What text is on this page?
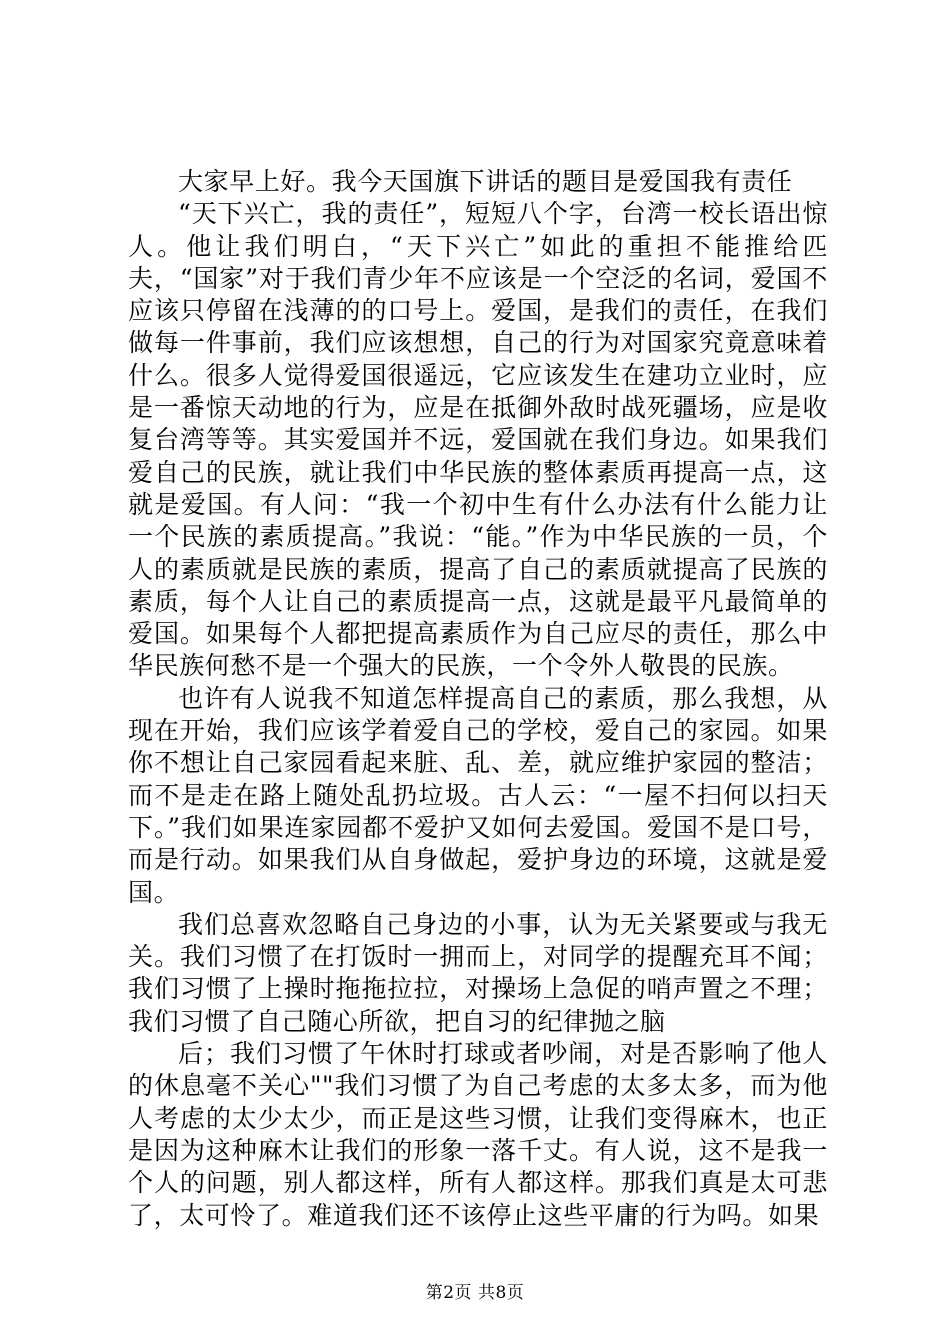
大家早上好。我今天国旗下讲话的题目是爱国我有责任

“天下兴亡，我的责任”，短短八个字，台湾一校长语出惊人。他让我们明白，“天下兴亡”如此的重担不能推给匹夫，“国家”对于我们青少年不应该是一个空泛的名词，爱国不应该只停留在浅薄的的口号上。爱国，是我们的责任，在我们做每一件事前，我们应该想想，自己的行为对国家究竟意味着什么。很多人觉得爱国很遥远，它应该发生在建功立业时，应是一番惊天动地的行为，应是在抵御外敌时战死疆场，应是收复台湾等等。其实爱国并不远，爱国就在我们身边。如果我们爱自己的民族，就让我们中华民族的整体素质再提高一点，这就是爱国。有人问：“我一个初中生有什么办法有什么能力让一个民族的素质提高。”我说：“能。”作为中华民族的一员，个人的素质就是民族的素质，提高了自己的素质就提高了民族的素质，每个人让自己的素质提高一点，这就是最平凡最简单的爱国。如果每个人都把提高素质作为自己应尽的责任，那么中华民族何愁不是一个强大的民族，一个令外人敬畏的民族。

也许有人说我不知道怎样提高自己的素质，那么我想，从现在开始，我们应该学着爱自己的学校，爱自己的家园。如果你不想让自己家园看起来脏、乱、差，就应维护家园的整洁；而不是走在路上随处乱扔垃圾。古人云：“一屋不扫何以扫天下。”我们如果连家园都不爱护又如何去爱国。爱国不是口号，而是行动。如果我们从自身做起，爱护身边的环境，这就是爱国。

我们总喜欢忽略自己身边的小事，认为无关紧要或与我无关。我们习惯了在打饭时一拥而上，对同学的提醒充耳不闻；我们习惯了上操时拖拖拉拉，对操场上急促的哨声置之不理；我们习惯了自己随心所欲，把自习的纪律抛之脑

后；我们习惯了午休时打球或者吵闹，对是否影响了他人的休息毫不关心""我们习惯了为自己考虑的太多太多，而为他人考虑的太少太少，而正是这些习惯，让我们变得麻木，也正是因为这种麻木让我们的形象一落千丈。有人说，这不是我一个人的问题，别人都这样，所有人都这样。那我们真是太可悲了，太可怜了。难道我们还不该停止这些平庸的行为吗。如果

第2页 共8页
